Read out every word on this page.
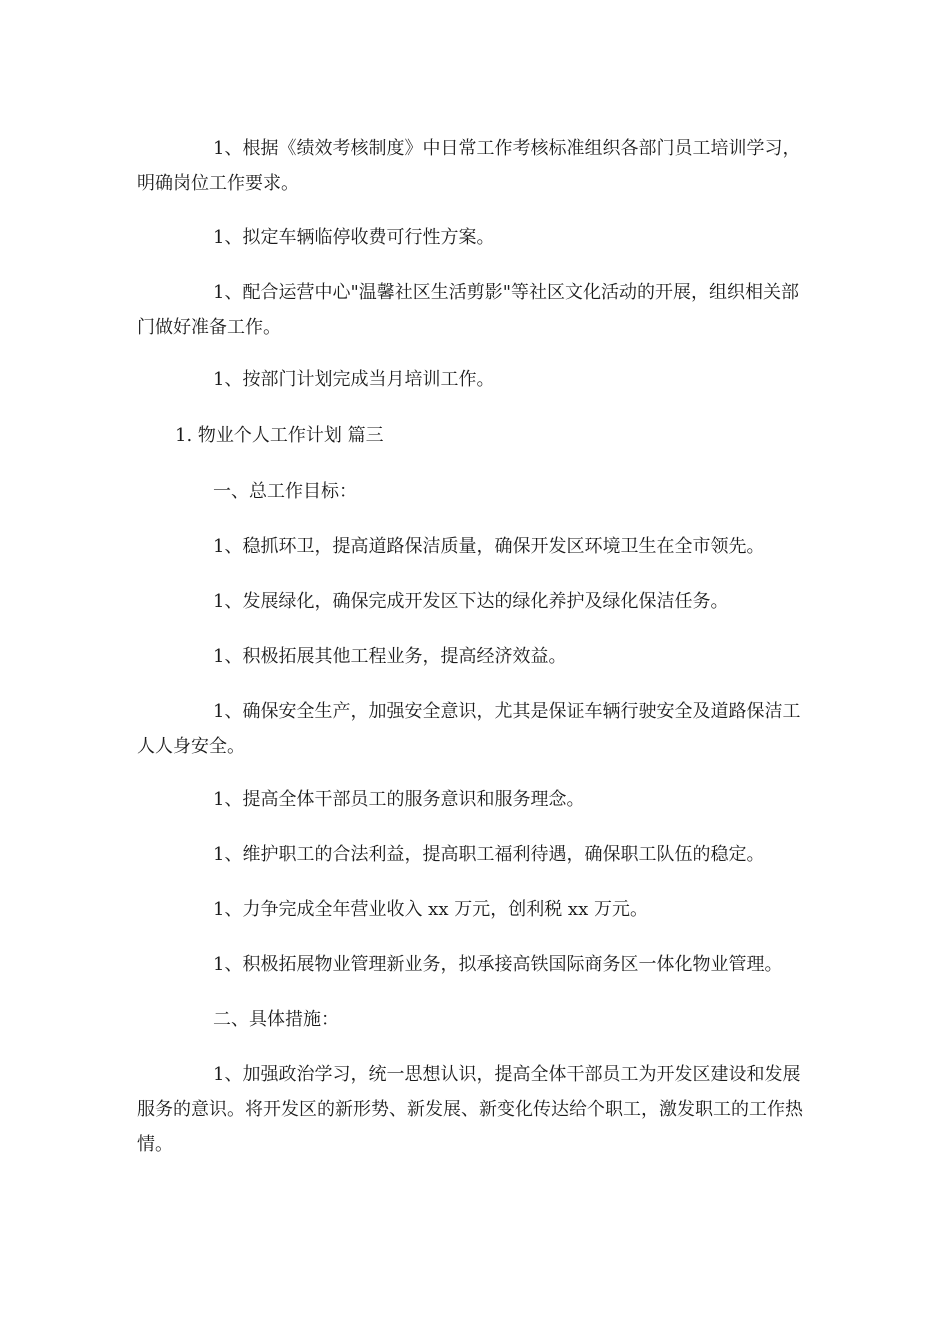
1、根据《绩效考核制度》中日常工作考核标准组织各部门员工培训学习，明确岗位工作要求。

1、拟定车辆临停收费可行性方案。

1、配合运营中心"温馨社区生活剪影"等社区文化活动的开展，组织相关部门做好准备工作。

1、按部门计划完成当月培训工作。

1. 物业个人工作计划 篇三

一、总工作目标：

1、稳抓环卫，提高道路保洁质量，确保开发区环境卫生在全市领先。

1、发展绿化，确保完成开发区下达的绿化养护及绿化保洁任务。

1、积极拓展其他工程业务，提高经济效益。

1、确保安全生产，加强安全意识，尤其是保证车辆行驶安全及道路保洁工人人身安全。

1、提高全体干部员工的服务意识和服务理念。

1、维护职工的合法利益，提高职工福利待遇，确保职工队伍的稳定。

1、力争完成全年营业收入 xx 万元，创利税 xx 万元。

1、积极拓展物业管理新业务，拟承接高铁国际商务区一体化物业管理。

二、具体措施：

1、加强政治学习，统一思想认识，提高全体干部员工为开发区建设和发展服务的意识。将开发区的新形势、新发展、新变化传达给个职工，激发职工的工作热情。
